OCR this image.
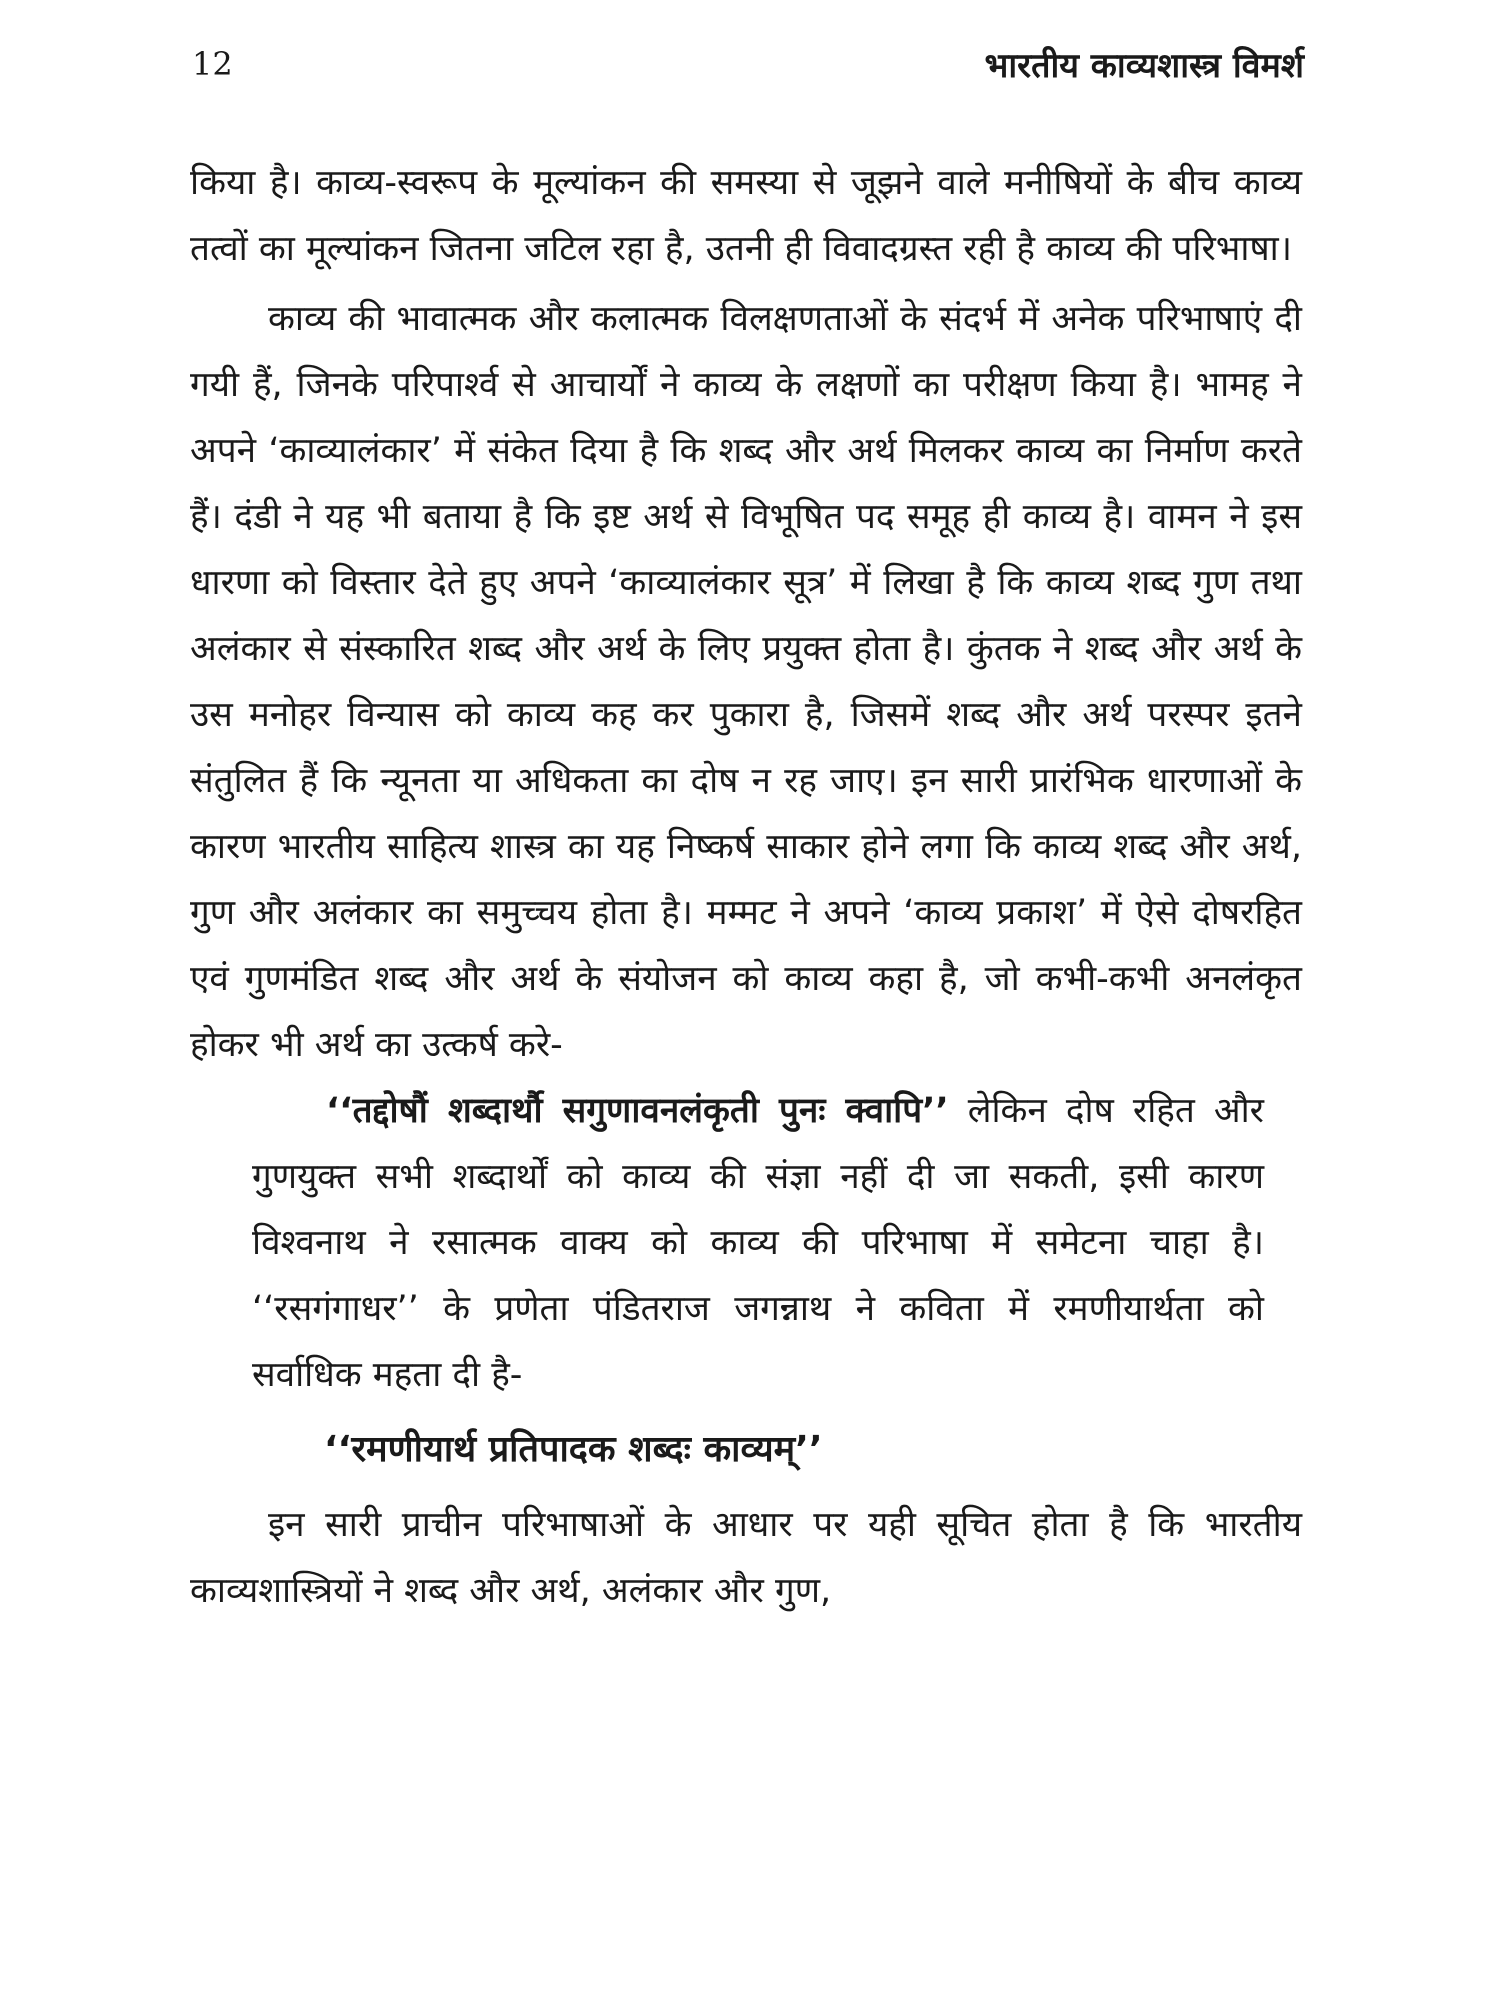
12	भारतीय काव्यशास्त्र विमर्श

किया है। काव्य-स्वरूप के मूल्यांकन की समस्या से जूझने वाले मनीषियों के बीच काव्य तत्वों का मूल्यांकन जितना जटिल रहा है, उतनी ही विवादग्रस्त रही है काव्य की परिभाषा।

काव्य की भावात्मक और कलात्मक विलक्षणताओं के संदर्भ में अनेक परिभाषाएं दी गयी हैं, जिनके परिपार्श्व से आचार्यों ने काव्य के लक्षणों का परीक्षण किया है। भामह ने अपने ‘काव्यालंकार’ में संकेत दिया है कि शब्द और अर्थ मिलकर काव्य का निर्माण करते हैं। दंडी ने यह भी बताया है कि इष्ट अर्थ से विभूषित पद समूह ही काव्य है। वामन ने इस धारणा को विस्तार देते हुए अपने ‘काव्यालंकार सूत्र’ में लिखा है कि काव्य शब्द गुण तथा अलंकार से संस्कारित शब्द और अर्थ के लिए प्रयुक्त होता है। कुंतक ने शब्द और अर्थ के उस मनोहर विन्यास को काव्य कह कर पुकारा है, जिसमें शब्द और अर्थ परस्पर इतने संतुलित हैं कि न्यूनता या अधिकता का दोष न रह जाए। इन सारी प्रारंभिक धारणाओं के कारण भारतीय साहित्य शास्त्र का यह निष्कर्ष साकार होने लगा कि काव्य शब्द और अर्थ, गुण और अलंकार का समुच्चय होता है। मम्मट ने अपने ‘काव्य प्रकाश’ में ऐसे दोषरहित एवं गुणमंडित शब्द और अर्थ के संयोजन को काव्य कहा है, जो कभी-कभी अनलंकृत होकर भी अर्थ का उत्कर्ष करे-

‘‘तद्दोषौं शब्दार्थौ सगुणावनलंकृती पुनः क्वापि’’ लेकिन दोष रहित और गुणयुक्त सभी शब्दार्थों को काव्य की संज्ञा नहीं दी जा सकती, इसी कारण विश्वनाथ ने रसात्मक वाक्य को काव्य की परिभाषा में समेटना चाहा है। ‘‘रसगंगाधर’’ के प्रणेता पंडितराज जगन्नाथ ने कविता में रमणीयार्थता को सर्वाधिक महता दी है-

‘‘रमणीयार्थ प्रतिपादक शब्दः काव्यम्’’

इन सारी प्राचीन परिभाषाओं के आधार पर यही सूचित होता है कि भारतीय काव्यशास्त्रियों ने शब्द और अर्थ, अलंकार और गुण,
